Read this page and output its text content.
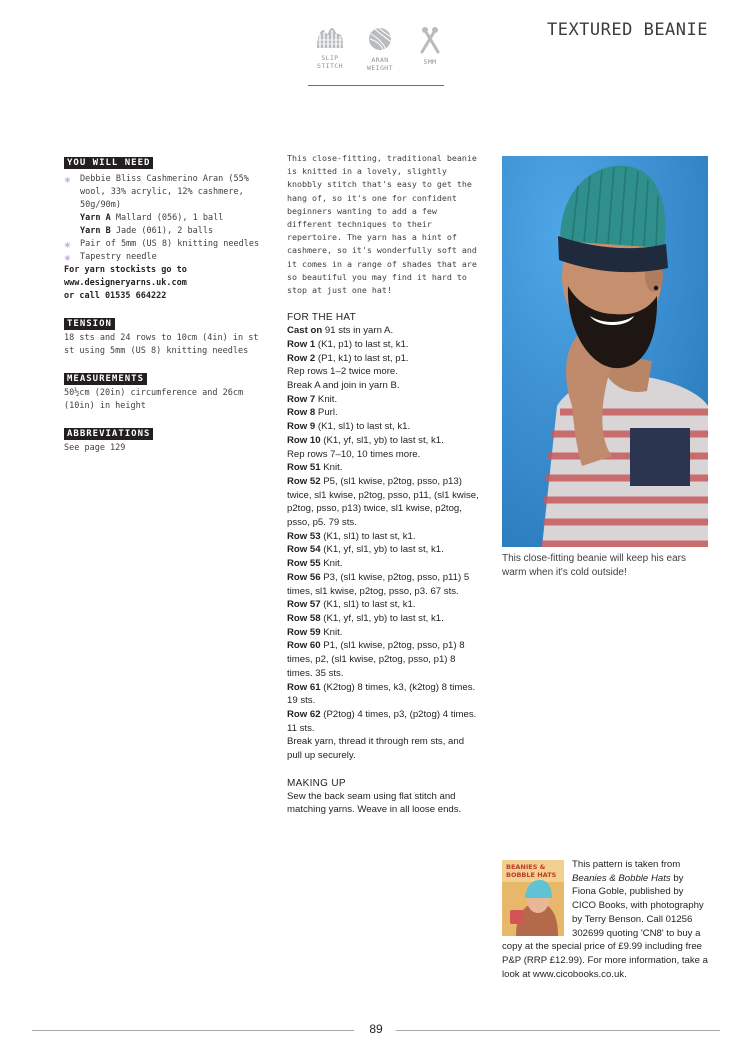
SLIP
STITCH
ARAN
WEIGHT
5MM
TEXTURED BEANIE
YOU WILL NEED
✳ Debbie Bliss Cashmerino Aran (55% wool, 33% acrylic, 12% cashmere, 50g/90m)
Yarn A Mallard (056), 1 ball
Yarn B Jade (061), 2 balls
✳ Pair of 5mm (US 8) knitting needles
✳ Tapestry needle
For yarn stockists go to
www.designeryarns.uk.com
or call 01535 664222
TENSION
18 sts and 24 rows to 10cm (4in) in st st using 5mm (US 8) knitting needles
MEASUREMENTS
50½cm (20in) circumference and 26cm (10in) in height
ABBREVIATIONS
See page 129
This close-fitting, traditional beanie is knitted in a lovely, slightly knobbly stitch that's easy to get the hang of, so it's one for confident beginners wanting to add a few different techniques to their repertoire. The yarn has a hint of cashmere, so it's wonderfully soft and it comes in a range of shades that are so beautiful you may find it hard to stop at just one hat!
FOR THE HAT

Cast on 91 sts in yarn A.

Row 1 (K1, p1) to last st, k1.

Row 2 (P1, k1) to last st, p1.

Rep rows 1–2 twice more.

Break A and join in yarn B.

Row 7 Knit.

Row 8 Purl.

Row 9 (K1, sl1) to last st, k1.

Row 10 (K1, yf, sl1, yb) to last st, k1.

Rep rows 7–10, 10 times more.

Row 51 Knit.

Row 52 P5, (sl1 kwise, p2tog, psso, p13) twice, sl1 kwise, p2tog, psso, p11, (sl1 kwise, p2tog, psso, p13) twice, sl1 kwise, p2tog, psso, p5. 79 sts.

Row 53 (K1, sl1) to last st, k1.

Row 54 (K1, yf, sl1, yb) to last st, k1.

Row 55 Knit.

Row 56 P3, (sl1 kwise, p2tog, psso, p11) 5 times, sl1 kwise, p2tog, psso, p3. 67 sts.

Row 57 (K1, sl1) to last st, k1.

Row 58 (K1, yf, sl1, yb) to last st, k1.

Row 59 Knit.

Row 60 P1, (sl1 kwise, p2tog, psso, p1) 8 times, p2, (sl1 kwise, p2tog, psso, p1) 8 times. 35 sts.

Row 61 (K2tog) 8 times, k3, (k2tog) 8 times. 19 sts.

Row 62 (P2tog) 4 times, p3, (p2tog) 4 times. 11 sts.

Break yarn, thread it through rem sts, and pull up securely.

MAKING UP
Sew the back seam using flat stitch and matching yarns. Weave in all loose ends.
This close-fitting beanie will keep his ears warm when it's cold outside!
BEANIES &
BOBBLE HATS
This pattern is taken from Beanies & Bobble Hats by Fiona Goble, published by CICO Books, with photography by Terry Benson. Call 01256 302699 quoting 'CN8' to buy a copy at the special price of £9.99 including free P&P (RRP £12.99). For more information, take a look at www.cicobooks.co.uk.
89
